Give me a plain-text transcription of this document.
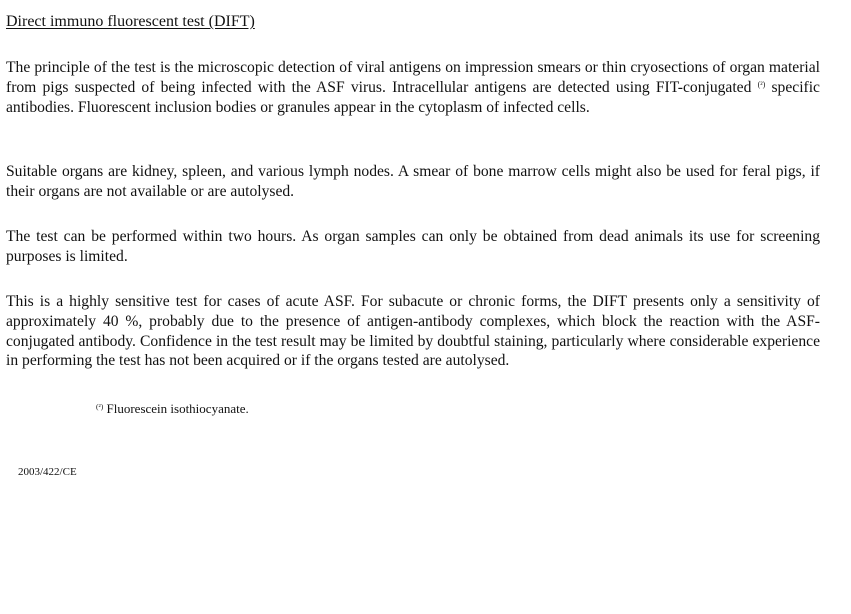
Direct immuno fluorescent test (DIFT)

The principle of the test is the microscopic detection of viral antigens on impression smears or thin cryosections of organ material from pigs suspected of being infected with the ASF virus. Intracellular antigens are detected using FIT-conjugated $^{(^2)}$ specific antibodies. Fluorescent inclusion bodies or granules appear in the cytoplasm of infected cells.

Suitable organs are kidney, spleen, and various lymph nodes. A smear of bone marrow cells might also be used for feral pigs, if their organs are not available or are autolysed.

The test can be performed within two hours. As organ samples can only be obtained from dead animals its use for screening purposes is limited.

This is a highly sensitive test for cases of acute ASF. For subacute or chronic forms, the DIFT presents only a sensitivity of approximately 40 %, probably due to the presence of antigen-antibody complexes, which block the reaction with the ASF-conjugated antibody. Confidence in the test result may be limited by doubtful staining, particularly where considerable experience in performing the test has not been acquired or if the organs tested are autolysed.

$^{(^2)}$ Fluorescein isothiocyanate.

2003/422/CE
